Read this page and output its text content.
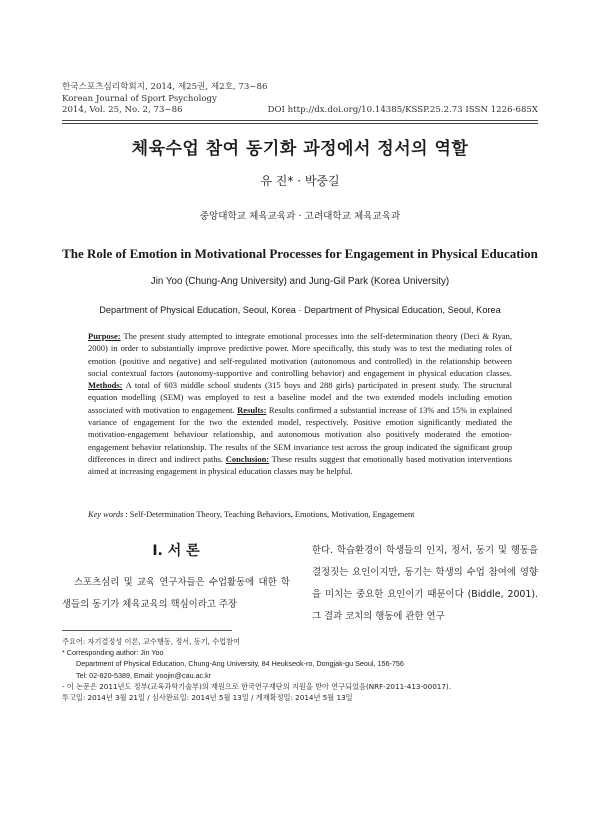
한국스포츠심리학회지, 2014, 제25권, 제2호, 73~86
Korean Journal of Sport Psychology
2014, Vol. 25, No. 2, 73~86	DOI http://dx.doi.org/10.14385/KSSP.25.2.73 ISSN 1226-685X
체육수업 참여 동기화 과정에서 정서의 역할
유 진* · 박중길
중앙대학교 체육교육과 · 고려대학교 체육교육과
The Role of Emotion in Motivational Processes for Engagement in Physical Education
Jin Yoo (Chung-Ang University) and Jung-Gil Park (Korea University)
Department of Physical Education, Seoul, Korea · Department of Physical Education, Seoul, Korea
Purpose: The present study attempted to integrate emotional processes into the self-determination theory (Deci & Ryan, 2000) in order to substantially improve predictive power. More specifically, this study was to test the mediating roles of emotion (positive and negative) and self-regulated motivation (autonomous and controlled) in the relationship between social contextual factors (autonomy-supportive and controlling behavior) and engagement in physical education classes. Methods: A total of 603 middle school students (315 boys and 288 girls) participated in present study. The structural equation modelling (SEM) was employed to test a baseline model and the two extended models including emotion associated with motivation to engagement. Results: Results confirmed a substantial increase of 13% and 15% in explained variance of engagement for the two the extended model, respectively. Positive emotion significantly mediated the motivation-engagement behaviour relationship, and autonomous motivation also positively moderated the emotion-engagement behavior relationship. The results of the SEM invariance test across the group indicated the significant group differences in direct and indirect paths. Conclusion: These results suggest that emotionally based motivation interventions aimed at increasing engagement in physical education classes may be helpful.
Key words : Self-Determination Theory, Teaching Behaviors, Emotions, Motivation, Engagement
I. 서 론
스포츠심리 및 교육 연구자들은 수업활동에 대한 학생들의 동기가 체육교육의 핵심이라고 주장
한다. 학습환경이 학생들의 인지, 정서, 동기 및 행동을 결정짓는 요인이지만, 동기는 학생의 수업 참여에 영향을 미치는 중요한 요인이기 때문이다 (Biddle, 2001). 그 결과 코치의 행동에 관한 연구
주요어: 자기결정성 이론, 교수행동, 정서, 동기, 수업참여
* Corresponding author: Jin Yoo
Department of Physical Education, Chung-Ang University, 84 Heukseok-ro, Dongjak-gu Seoul, 156-756
Tel: 02-820-5389, Email: yoojin@cau.ac.kr
- 이 논문은 2011년도 정부(교육과학기술부)의 재원으로 한국연구재단의 지원을 받아 연구되었음(NRF-2011-413-00017).
투고일: 2014년 3월 21일 / 심사완료일: 2014년 5월 13일 / 게재확정일: 2014년 5월 13일
